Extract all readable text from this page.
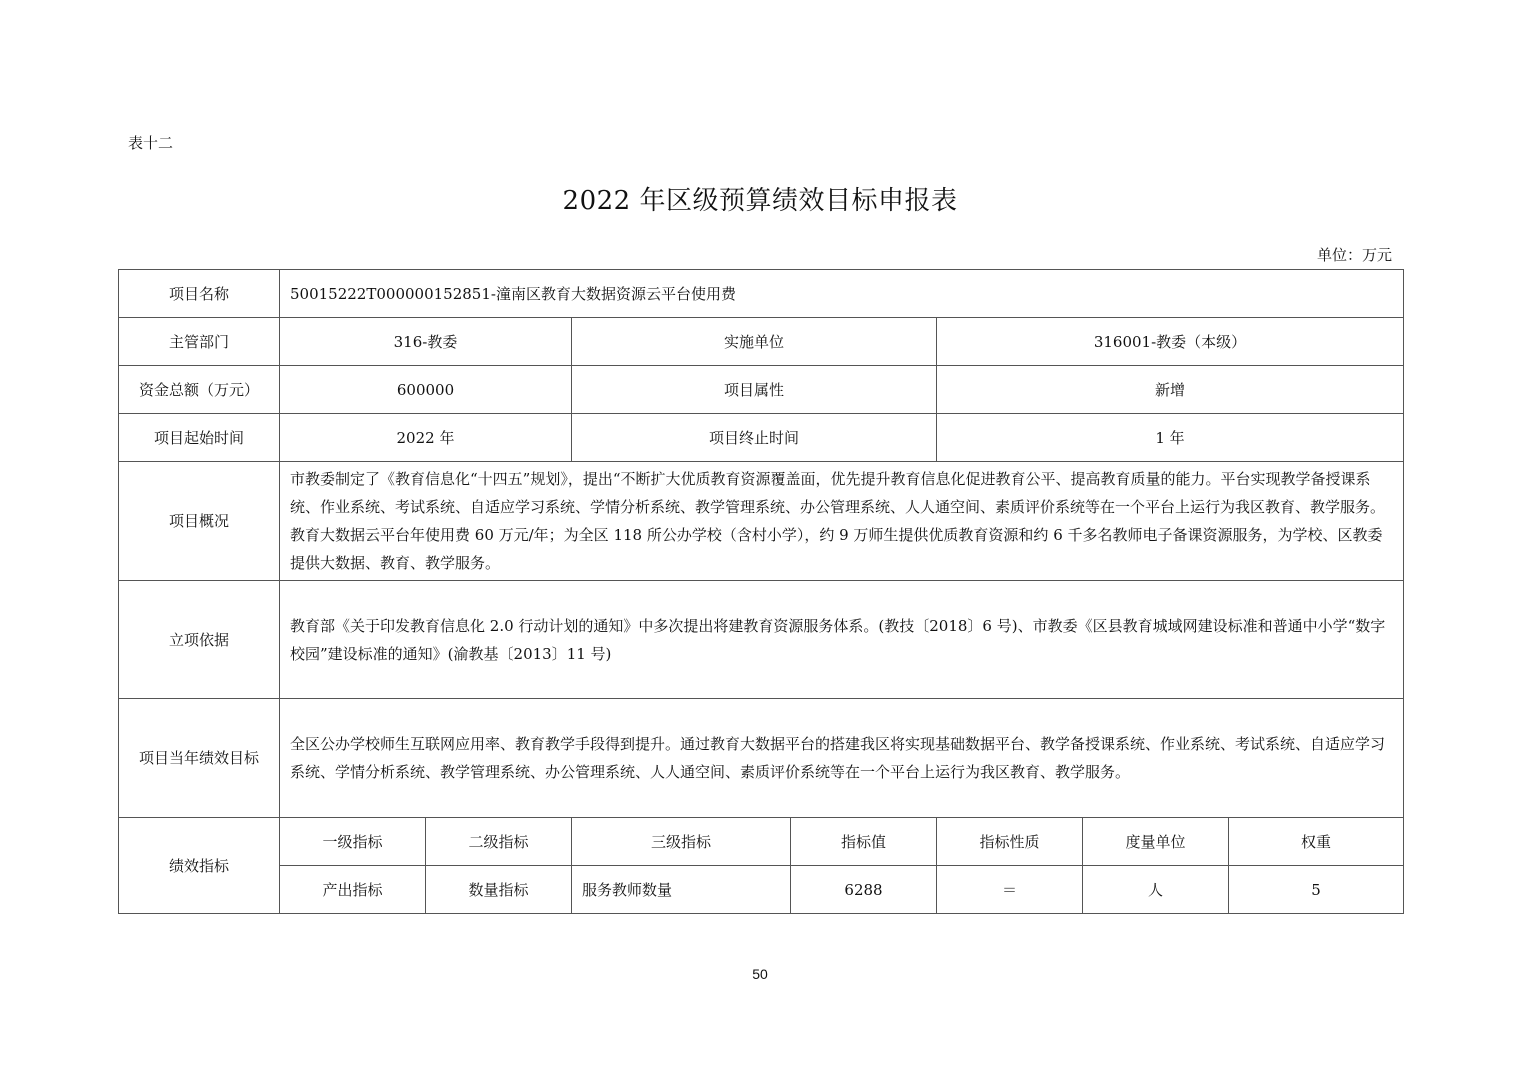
表十二
2022 年区级预算绩效目标申报表
单位：万元
项目名称	50015222T000000152851-潼南区教育大数据资源云平台使用费						
主管部门	316-教委		实施单位		316001-教委（本级）		
资金总额（万元）	600000		项目属性		新增		
项目起始时间	2022 年		项目终止时间		1 年		
项目概况	市教委制定了《教育信息化“十四五”规划》，提出“不断扩大优质教育资源覆盖面，优先提升教育信息化促进教育公平、提高教育质量的能力。平台实现教学备授课系统、作业系统、考试系统、自适应学习系统、学情分析系统、教学管理系统、办公管理系统、人人通空间、素质评价系统等在一个平台上运行为我区教育、教学服务。教育大数据云平台年使用费 60 万元/年；为全区 118 所公办学校（含村小学），约 9 万师生提供优质教育资源和约 6 千多名教师电子备课资源服务，为学校、区教委提供大数据、教育、教学服务。						
立项依据	教育部《关于印发教育信息化 2.0 行动计划的通知》中多次提出将建教育资源服务体系。(教技〔2018〕6 号)、市教委《区县教育城域网建设标准和普通中小学“数字校园”建设标准的通知》(渝教基〔2013〕11 号)						
项目当年绩效目标	全区公办学校师生互联网应用率、教育教学手段得到提升。通过教育大数据平台的搭建我区将实现基础数据平台、教学备授课系统、作业系统、考试系统、自适应学习系统、学情分析系统、教学管理系统、办公管理系统、人人通空间、素质评价系统等在一个平台上运行为我区教育、教学服务。						
绩效指标	一级指标	二级指标	三级指标	指标值	指标性质	度量单位	权重
	产出指标	数量指标	服务教师数量	6288	＝	人	5
50
